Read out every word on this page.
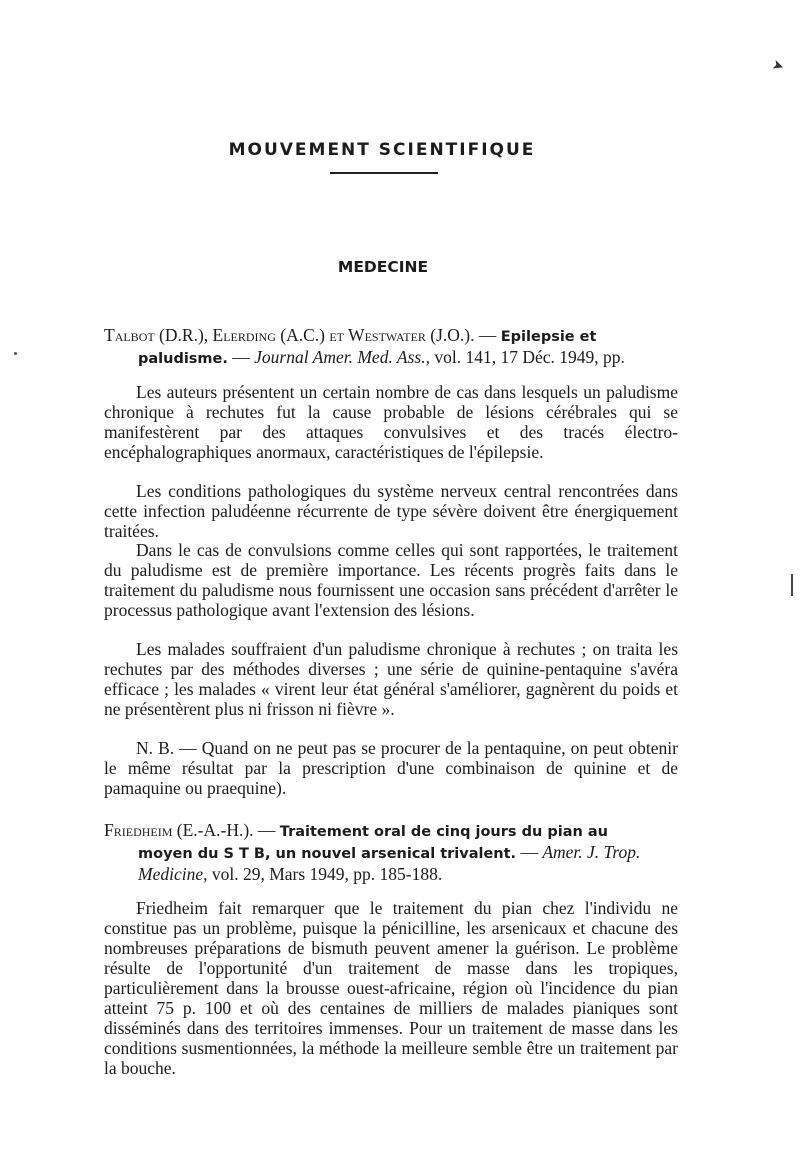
➤
MOUVEMENT SCIENTIFIQUE
MEDECINE
Talbot (D.R.), Elerding (A.C.) et Westwater (J.O.). — Epilepsie et
paludisme. — Journal Amer. Med. Ass., vol. 141, 17 Déc. 1949, pp.

Les auteurs présentent un certain nombre de cas dans lesquels un paludisme chronique à rechutes fut la cause probable de lésions cérébrales qui se manifestèrent par des attaques convulsives et des tracés électro-encéphalographiques anormaux, caractéristiques de l'épilepsie.

Les conditions pathologiques du système nerveux central rencontrées dans cette infection paludéenne récurrente de type sévère doivent être énergiquement traitées.

Dans le cas de convulsions comme celles qui sont rapportées, le traitement du paludisme est de première importance. Les récents progrès faits dans le traitement du paludisme nous fournissent une occasion sans précédent d'arrêter le processus pathologique avant l'extension des lésions.

Les malades souffraient d'un paludisme chronique à rechutes ; on traita les rechutes par des méthodes diverses ; une série de quinine-pentaquine s'avéra efficace ; les malades « virent leur état général s'améliorer, gagnèrent du poids et ne présentèrent plus ni frisson ni fièvre ».

N. B. — Quand on ne peut pas se procurer de la pentaquine, on peut obtenir le même résultat par la prescription d'une combinaison de quinine et de pamaquine ou praequine).

Friedheim (E.-A.-H.). — Traitement oral de cinq jours du pian au
moyen du S T B, un nouvel arsenical trivalent. — Amer. J. Trop.
Medicine, vol. 29, Mars 1949, pp. 185-188.

Friedheim fait remarquer que le traitement du pian chez l'individu ne constitue pas un problème, puisque la pénicilline, les arsenicaux et chacune des nombreuses préparations de bismuth peuvent amener la guérison. Le problème résulte de l'opportunité d'un traitement de masse dans les tropiques, particulièrement dans la brousse ouest-africaine, région où l'incidence du pian atteint 75 p. 100 et où des centaines de milliers de malades pianiques sont disséminés dans des territoires immenses. Pour un traitement de masse dans les conditions susmentionnées, la méthode la meilleure semble être un traitement par la bouche.
